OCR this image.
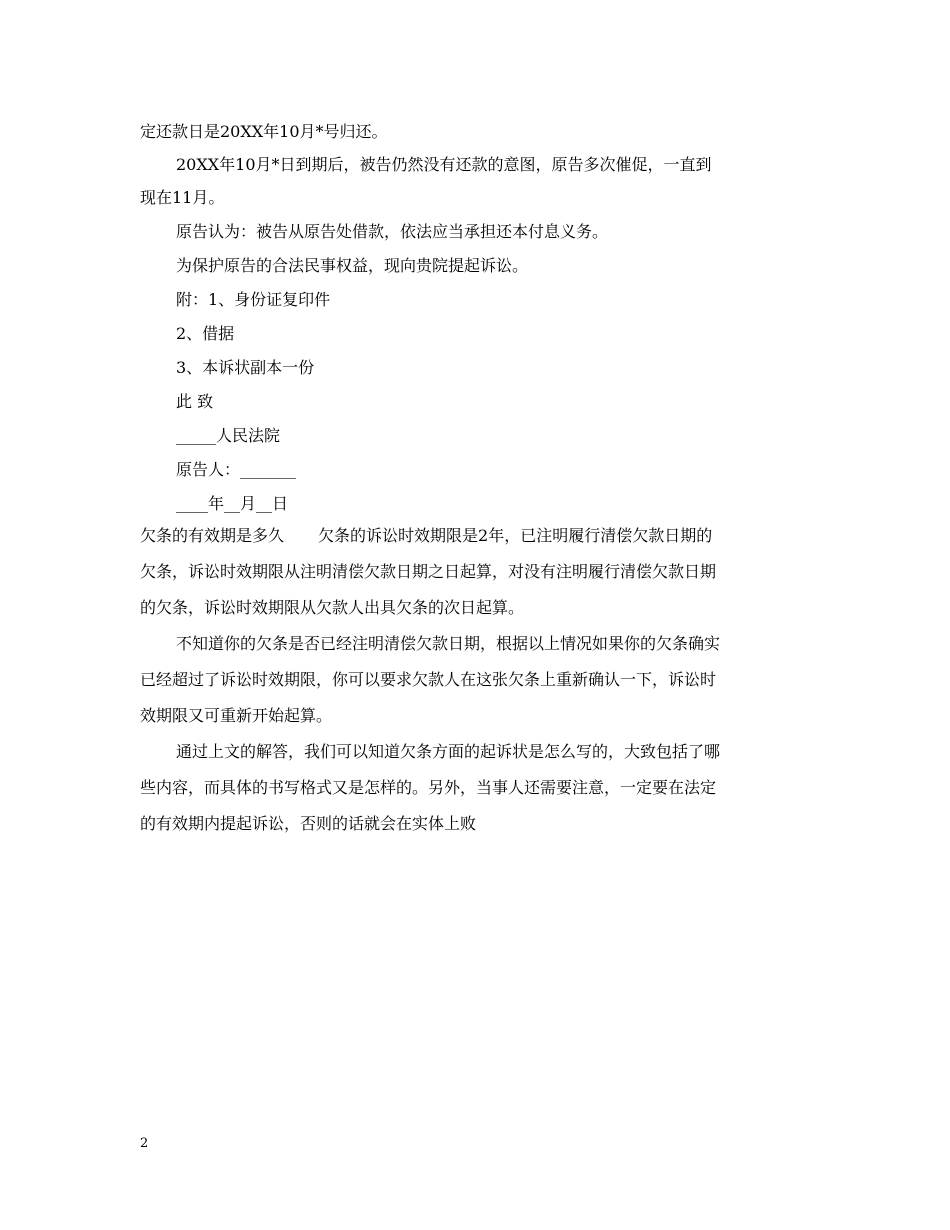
定还款日是20XX年10月*号归还。
20XX年10月*日到期后，被告仍然没有还款的意图，原告多次催促，一直到
现在11月。
原告认为：被告从原告处借款，依法应当承担还本付息义务。
为保护原告的合法民事权益，现向贵院提起诉讼。
附：1、身份证复印件
2、借据
3、本诉状副本一份
此 致
_____人民法院
原告人：_______
____年__月__日
欠条的有效期是多久 欠条的诉讼时效期限是2年，已注明履行清偿欠款日期的
欠条，诉讼时效期限从注明清偿欠款日期之日起算，对没有注明履行清偿欠款日期
的欠条，诉讼时效期限从欠款人出具欠条的次日起算。
不知道你的欠条是否已经注明清偿欠款日期，根据以上情况如果你的欠条确实
已经超过了诉讼时效期限，你可以要求欠款人在这张欠条上重新确认一下，诉讼时
效期限又可重新开始起算。
通过上文的解答，我们可以知道欠条方面的起诉状是怎么写的，大致包括了哪
些内容，而具体的书写格式又是怎样的。另外，当事人还需要注意，一定要在法定
的有效期内提起诉讼，否则的话就会在实体上败
2
